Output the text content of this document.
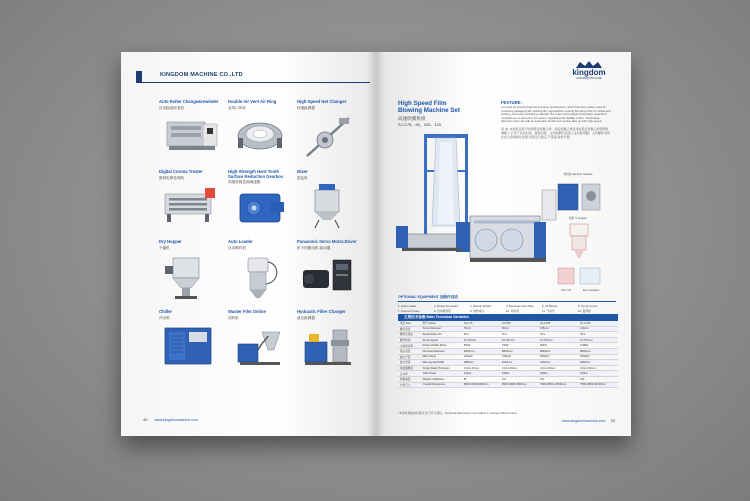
KINGDOM MACHINE CO.,LTD
Auto Roller Change&rewinder
自动换卷收卷机
Double Air Vent Air Ring
双风口风环
High-Speed Net Changer
快速换网器
Digital Corona Treater
数码电晕处理机
High-Strength Hard Tooth Surface Reduction Gearbox
高强度硬齿面减速箱
Mixer
混色机
Dry Hopper
干燥机
Auto Loader
自动吸料机
Panasonic Servo Motor,Driver
松下伺服电机,驱动器
Chiller
冷水机
Waster Film Online
回料机
Hydraulic Filter Changer
液压换网器
40 www.kingdommachine.com
kingdom
KINGDOM MACHINE
High Speed Film
Blowing Machine Set
高速吹膜机组
SJ-C75、90、105、120
FEATURE:
It is used for blowing high low pressure polyethylene, which has been widely used for producing packaging film,packing film, agricultural covering film,bag of film for textile and clothing, and other packaging material. The main screw adopts fluorination material of molybdenum or aluminum for reason, upgrading the stability of film. Inbuilt large-diameter rotary die with an automatic winder and revolve take up with high speed.
用 途: 本机组适用于吹塑低密度聚乙烯、高密度聚乙烯及线性低密度聚乙烯等塑料薄膜,广泛用于食品包装、服装包装、农用地膜及其他工业包装用膜。主机螺杆采用优质合金钢氮化处理,机组运行稳定,产量高,收卷平整。
电控柜 Electric Cabinet
加料斗 Hopper
Film roll	Film samples
OPTIONAL EQUIPMENT 选购件说明
1. Auto Loader	2. Rotary Die Head	3. Double Winder	4. Rewinder Auto Stop	5. Air Blower	6. Up Air Cooler
7. Corona Treater	8. 自动吸料机	9. 旋转模头	10. 双收卷	11. 气动式	12. 鼓风机
主要技术参数 Main Technical Variables
项目 Item	型号 Model	SJ-C75	SJ-C90	SJ-C105	SJ-C120
螺杆直径	Screw Diameter	75mm	90mm	105mm	120mm
螺杆长径比	Screw Ratio L/D	30:1	30:1	30:1	30:1
螺杆转速	Screw Speed	10-75r/min	10-75r/min	10-75r/min	10-75r/min
主电机功率	Power of Main Motor	55kW	75kW	90kW	110kW
模头直径	Die Head Diameter	Ø300mm	Ø400mm	Ø500mm	Ø600mm
最大产量	Max Output	120kg/h	150kg/h	180kg/h	220kg/h
最大折径	Max Lay-flat Width	1800mm	2000mm	2400mm	2800mm
单层膜厚度	Single Sided Thickness	0.01-0.15mm	0.01-0.15mm	0.01-0.15mm	0.01-0.15mm
总功率	Total Power	120kw	150kw	180kw	220kw
机组重量	Weight of Machine	8T	10T	12T	15T
外形尺寸	Overall Dimensions	6000×3000×9000mm	6500×3300×9800mm	7000×3500×10500mm	7500×3800×11500mm
*本资料规格如有更改,恕不另行通知。Technical Parameters are subject to change without notice
www.kingdommachine.com 33
